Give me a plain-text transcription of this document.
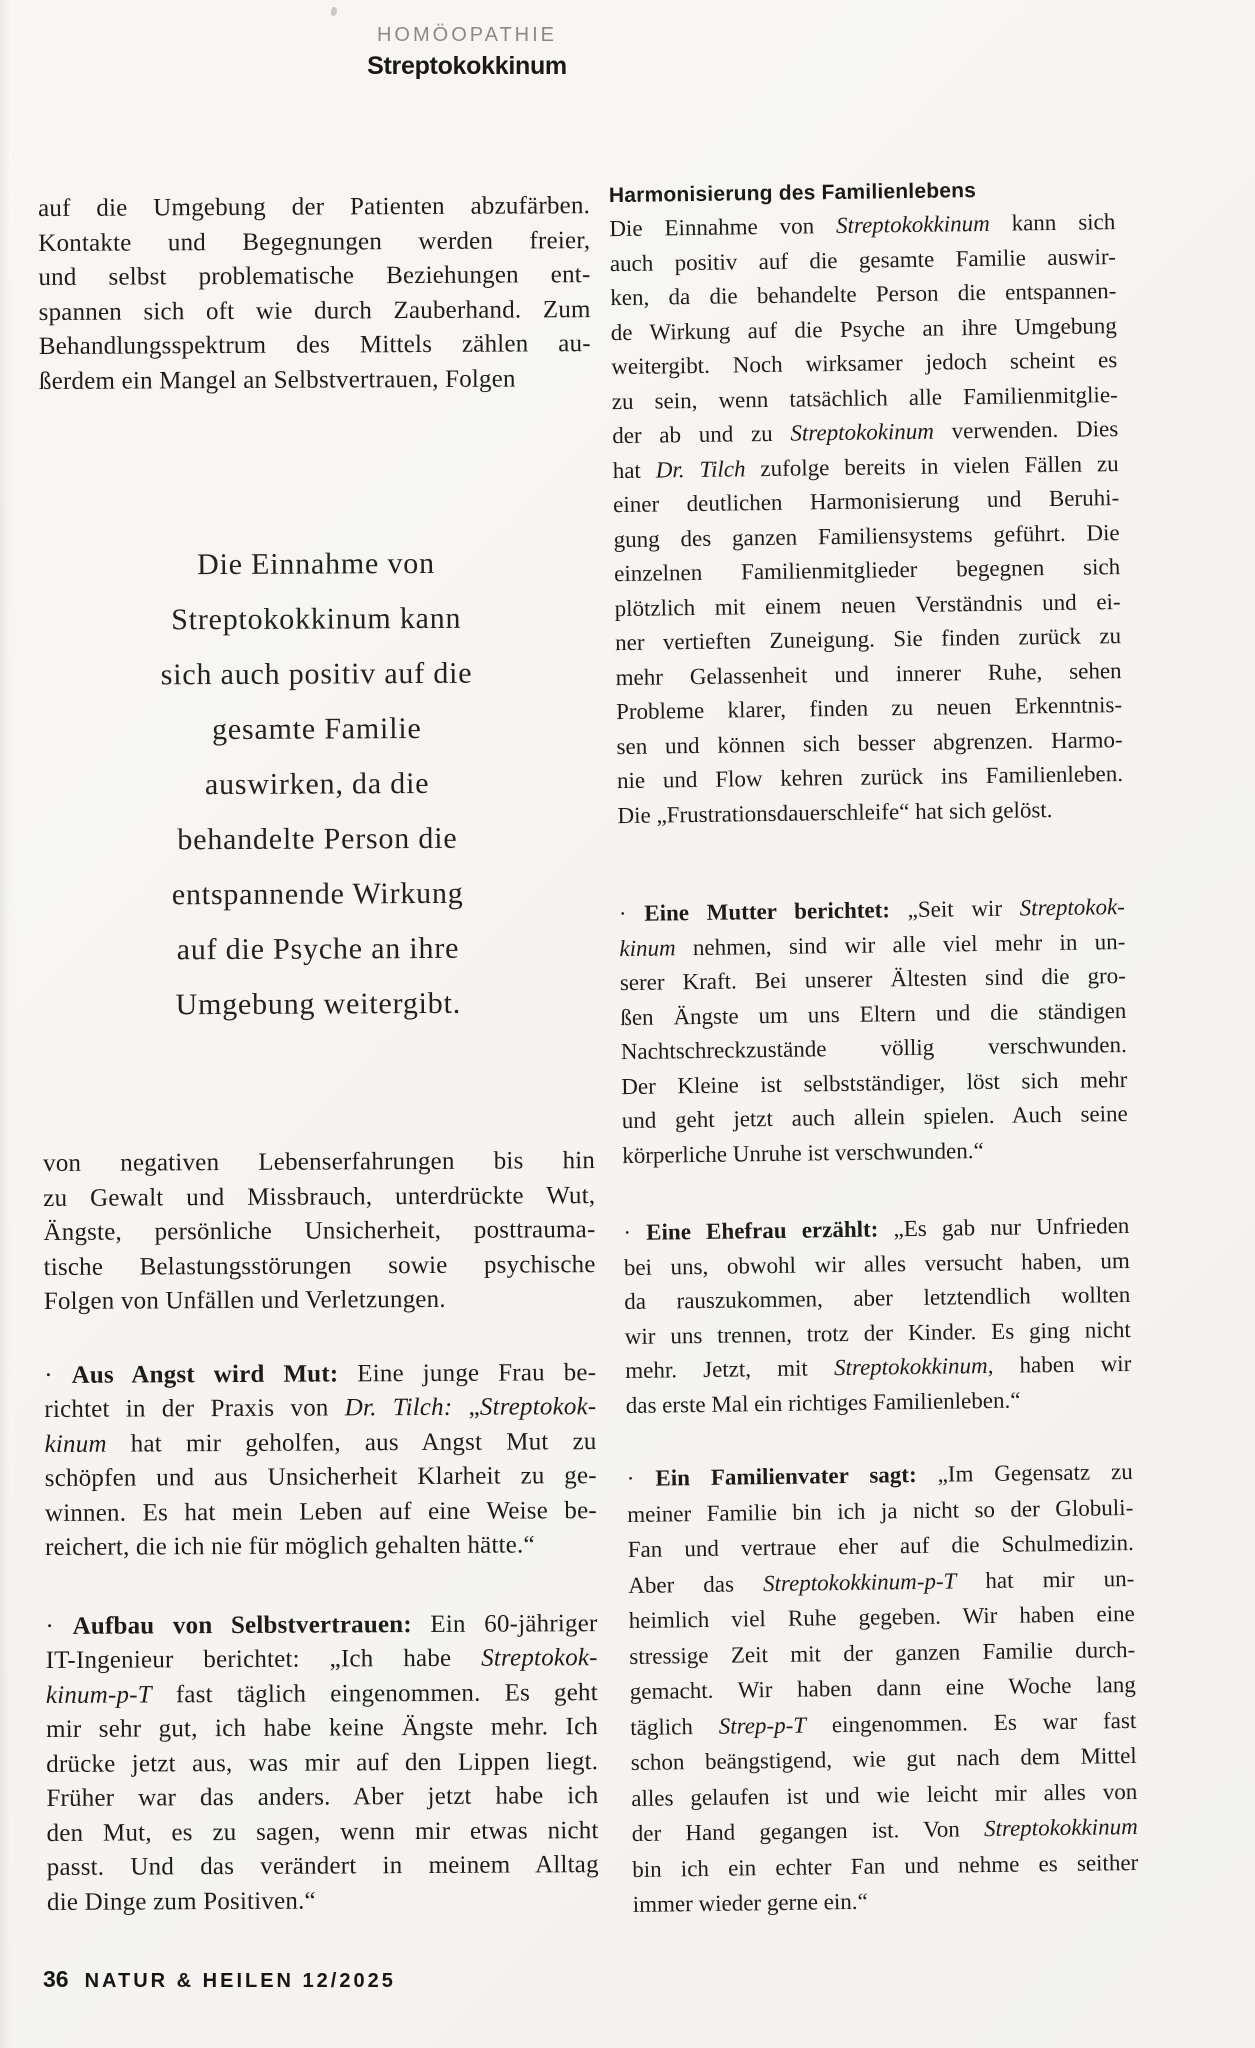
HOMÖOPATHIE
Streptokokkinum
auf die Umgebung der Patienten abzufärben.
Kontakte und Begegnungen werden freier,
und selbst problematische Beziehungen ent-
spannen sich oft wie durch Zauberhand. Zum
Behandlungsspektrum des Mittels zählen au-
ßerdem ein Mangel an Selbstvertrauen, Folgen
Die Einnahme von
Streptokokkinum kann
sich auch positiv auf die
gesamte Familie
auswirken, da die
behandelte Person die
entspannende Wirkung
auf die Psyche an ihre
Umgebung weitergibt.
von negativen Lebenserfahrungen bis hin
zu Gewalt und Missbrauch, unterdrückte Wut,
Ängste, persönliche Unsicherheit, posttrauma-
tische Belastungsstörungen sowie psychische
Folgen von Unfällen und Verletzungen.
· Aus Angst wird Mut: Eine junge Frau be-
richtet in der Praxis von Dr. Tilch: „Streptokok-
kinum hat mir geholfen, aus Angst Mut zu
schöpfen und aus Unsicherheit Klarheit zu ge-
winnen. Es hat mein Leben auf eine Weise be-
reichert, die ich nie für möglich gehalten hätte.“
· Aufbau von Selbstvertrauen: Ein 60-jähriger
IT-Ingenieur berichtet: „Ich habe Streptokok-
kinum-p-T fast täglich eingenommen. Es geht
mir sehr gut, ich habe keine Ängste mehr. Ich
drücke jetzt aus, was mir auf den Lippen liegt.
Früher war das anders. Aber jetzt habe ich
den Mut, es zu sagen, wenn mir etwas nicht
passt. Und das verändert in meinem Alltag
die Dinge zum Positiven.“
Harmonisierung des Familienlebens
Die Einnahme von Streptokokkinum kann sich
auch positiv auf die gesamte Familie auswir-
ken, da die behandelte Person die entspannen-
de Wirkung auf die Psyche an ihre Umgebung
weitergibt. Noch wirksamer jedoch scheint es
zu sein, wenn tatsächlich alle Familienmitglie-
der ab und zu Streptokokinum verwenden. Dies
hat Dr. Tilch zufolge bereits in vielen Fällen zu
einer deutlichen Harmonisierung und Beruhi-
gung des ganzen Familiensystems geführt. Die
einzelnen Familienmitglieder begegnen sich
plötzlich mit einem neuen Verständnis und ei-
ner vertieften Zuneigung. Sie finden zurück zu
mehr Gelassenheit und innerer Ruhe, sehen
Probleme klarer, finden zu neuen Erkenntnis-
sen und können sich besser abgrenzen. Harmo-
nie und Flow kehren zurück ins Familienleben.
Die „Frustrationsdauerschleife“ hat sich gelöst.
· Eine Mutter berichtet: „Seit wir Streptokok-
kinum nehmen, sind wir alle viel mehr in un-
serer Kraft. Bei unserer Ältesten sind die gro-
ßen Ängste um uns Eltern und die ständigen
Nachtschreckzustände völlig verschwunden.
Der Kleine ist selbstständiger, löst sich mehr
und geht jetzt auch allein spielen. Auch seine
körperliche Unruhe ist verschwunden.“
· Eine Ehefrau erzählt: „Es gab nur Unfrieden
bei uns, obwohl wir alles versucht haben, um
da rauszukommen, aber letztendlich wollten
wir uns trennen, trotz der Kinder. Es ging nicht
mehr. Jetzt, mit Streptokokkinum, haben wir
das erste Mal ein richtiges Familienleben.“
· Ein Familienvater sagt: „Im Gegensatz zu
meiner Familie bin ich ja nicht so der Globuli-
Fan und vertraue eher auf die Schulmedizin.
Aber das Streptokokkinum-p-T hat mir un-
heimlich viel Ruhe gegeben. Wir haben eine
stressige Zeit mit der ganzen Familie durch-
gemacht. Wir haben dann eine Woche lang
täglich Strep-p-T eingenommen. Es war fast
schon beängstigend, wie gut nach dem Mittel
alles gelaufen ist und wie leicht mir alles von
der Hand gegangen ist. Von Streptokokkinum
bin ich ein echter Fan und nehme es seither
immer wieder gerne ein.“
36 NATUR & HEILEN 12/2025
